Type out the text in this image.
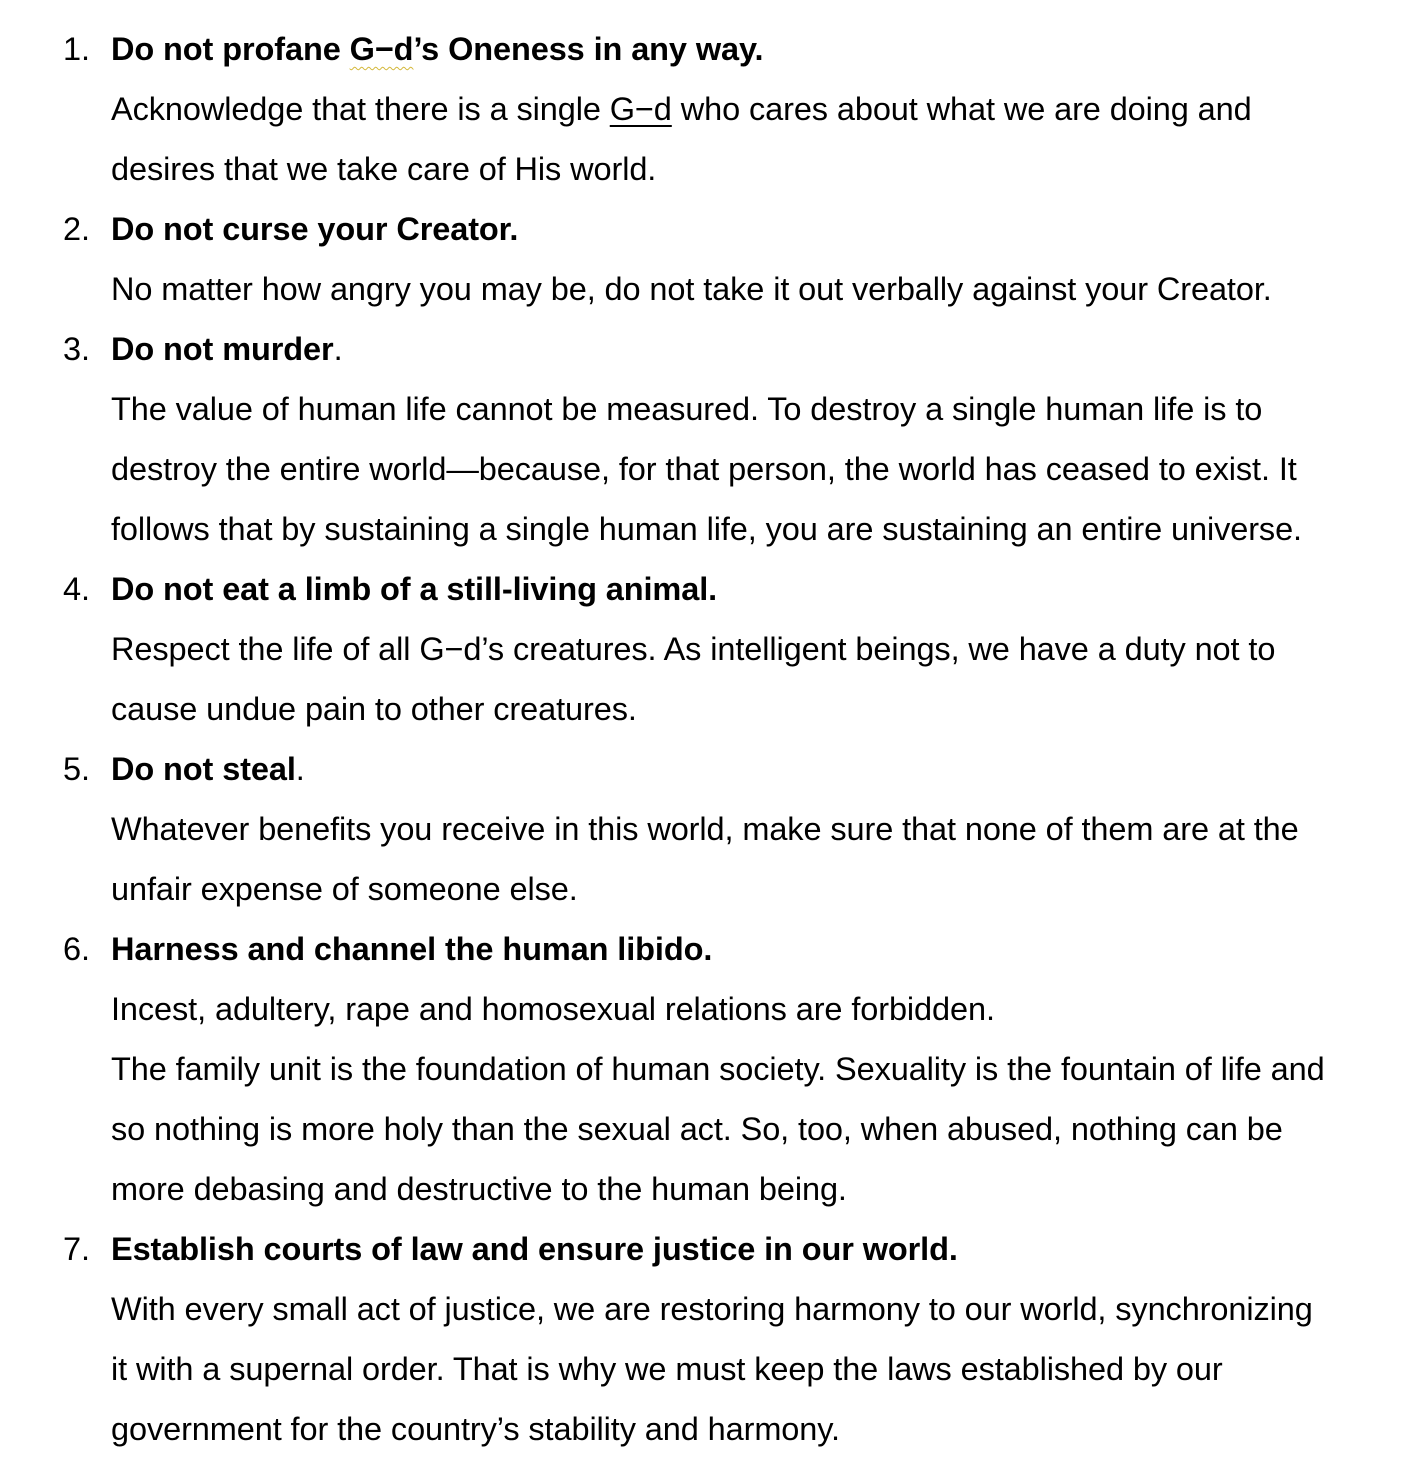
1. Do not profane G−d’s Oneness in any way.
Acknowledge that there is a single G−d who cares about what we are doing and
desires that we take care of His world.
2. Do not curse your Creator.
No matter how angry you may be, do not take it out verbally against your Creator.
3. Do not murder.
The value of human life cannot be measured. To destroy a single human life is to
destroy the entire world—because, for that person, the world has ceased to exist. It
follows that by sustaining a single human life, you are sustaining an entire universe.
4. Do not eat a limb of a still-living animal.
Respect the life of all G−d’s creatures. As intelligent beings, we have a duty not to
cause undue pain to other creatures.
5. Do not steal.
Whatever benefits you receive in this world, make sure that none of them are at the
unfair expense of someone else.
6. Harness and channel the human libido.
Incest, adultery, rape and homosexual relations are forbidden.
The family unit is the foundation of human society. Sexuality is the fountain of life and
so nothing is more holy than the sexual act. So, too, when abused, nothing can be
more debasing and destructive to the human being.
7. Establish courts of law and ensure justice in our world.
With every small act of justice, we are restoring harmony to our world, synchronizing
it with a supernal order. That is why we must keep the laws established by our
government for the country’s stability and harmony.
